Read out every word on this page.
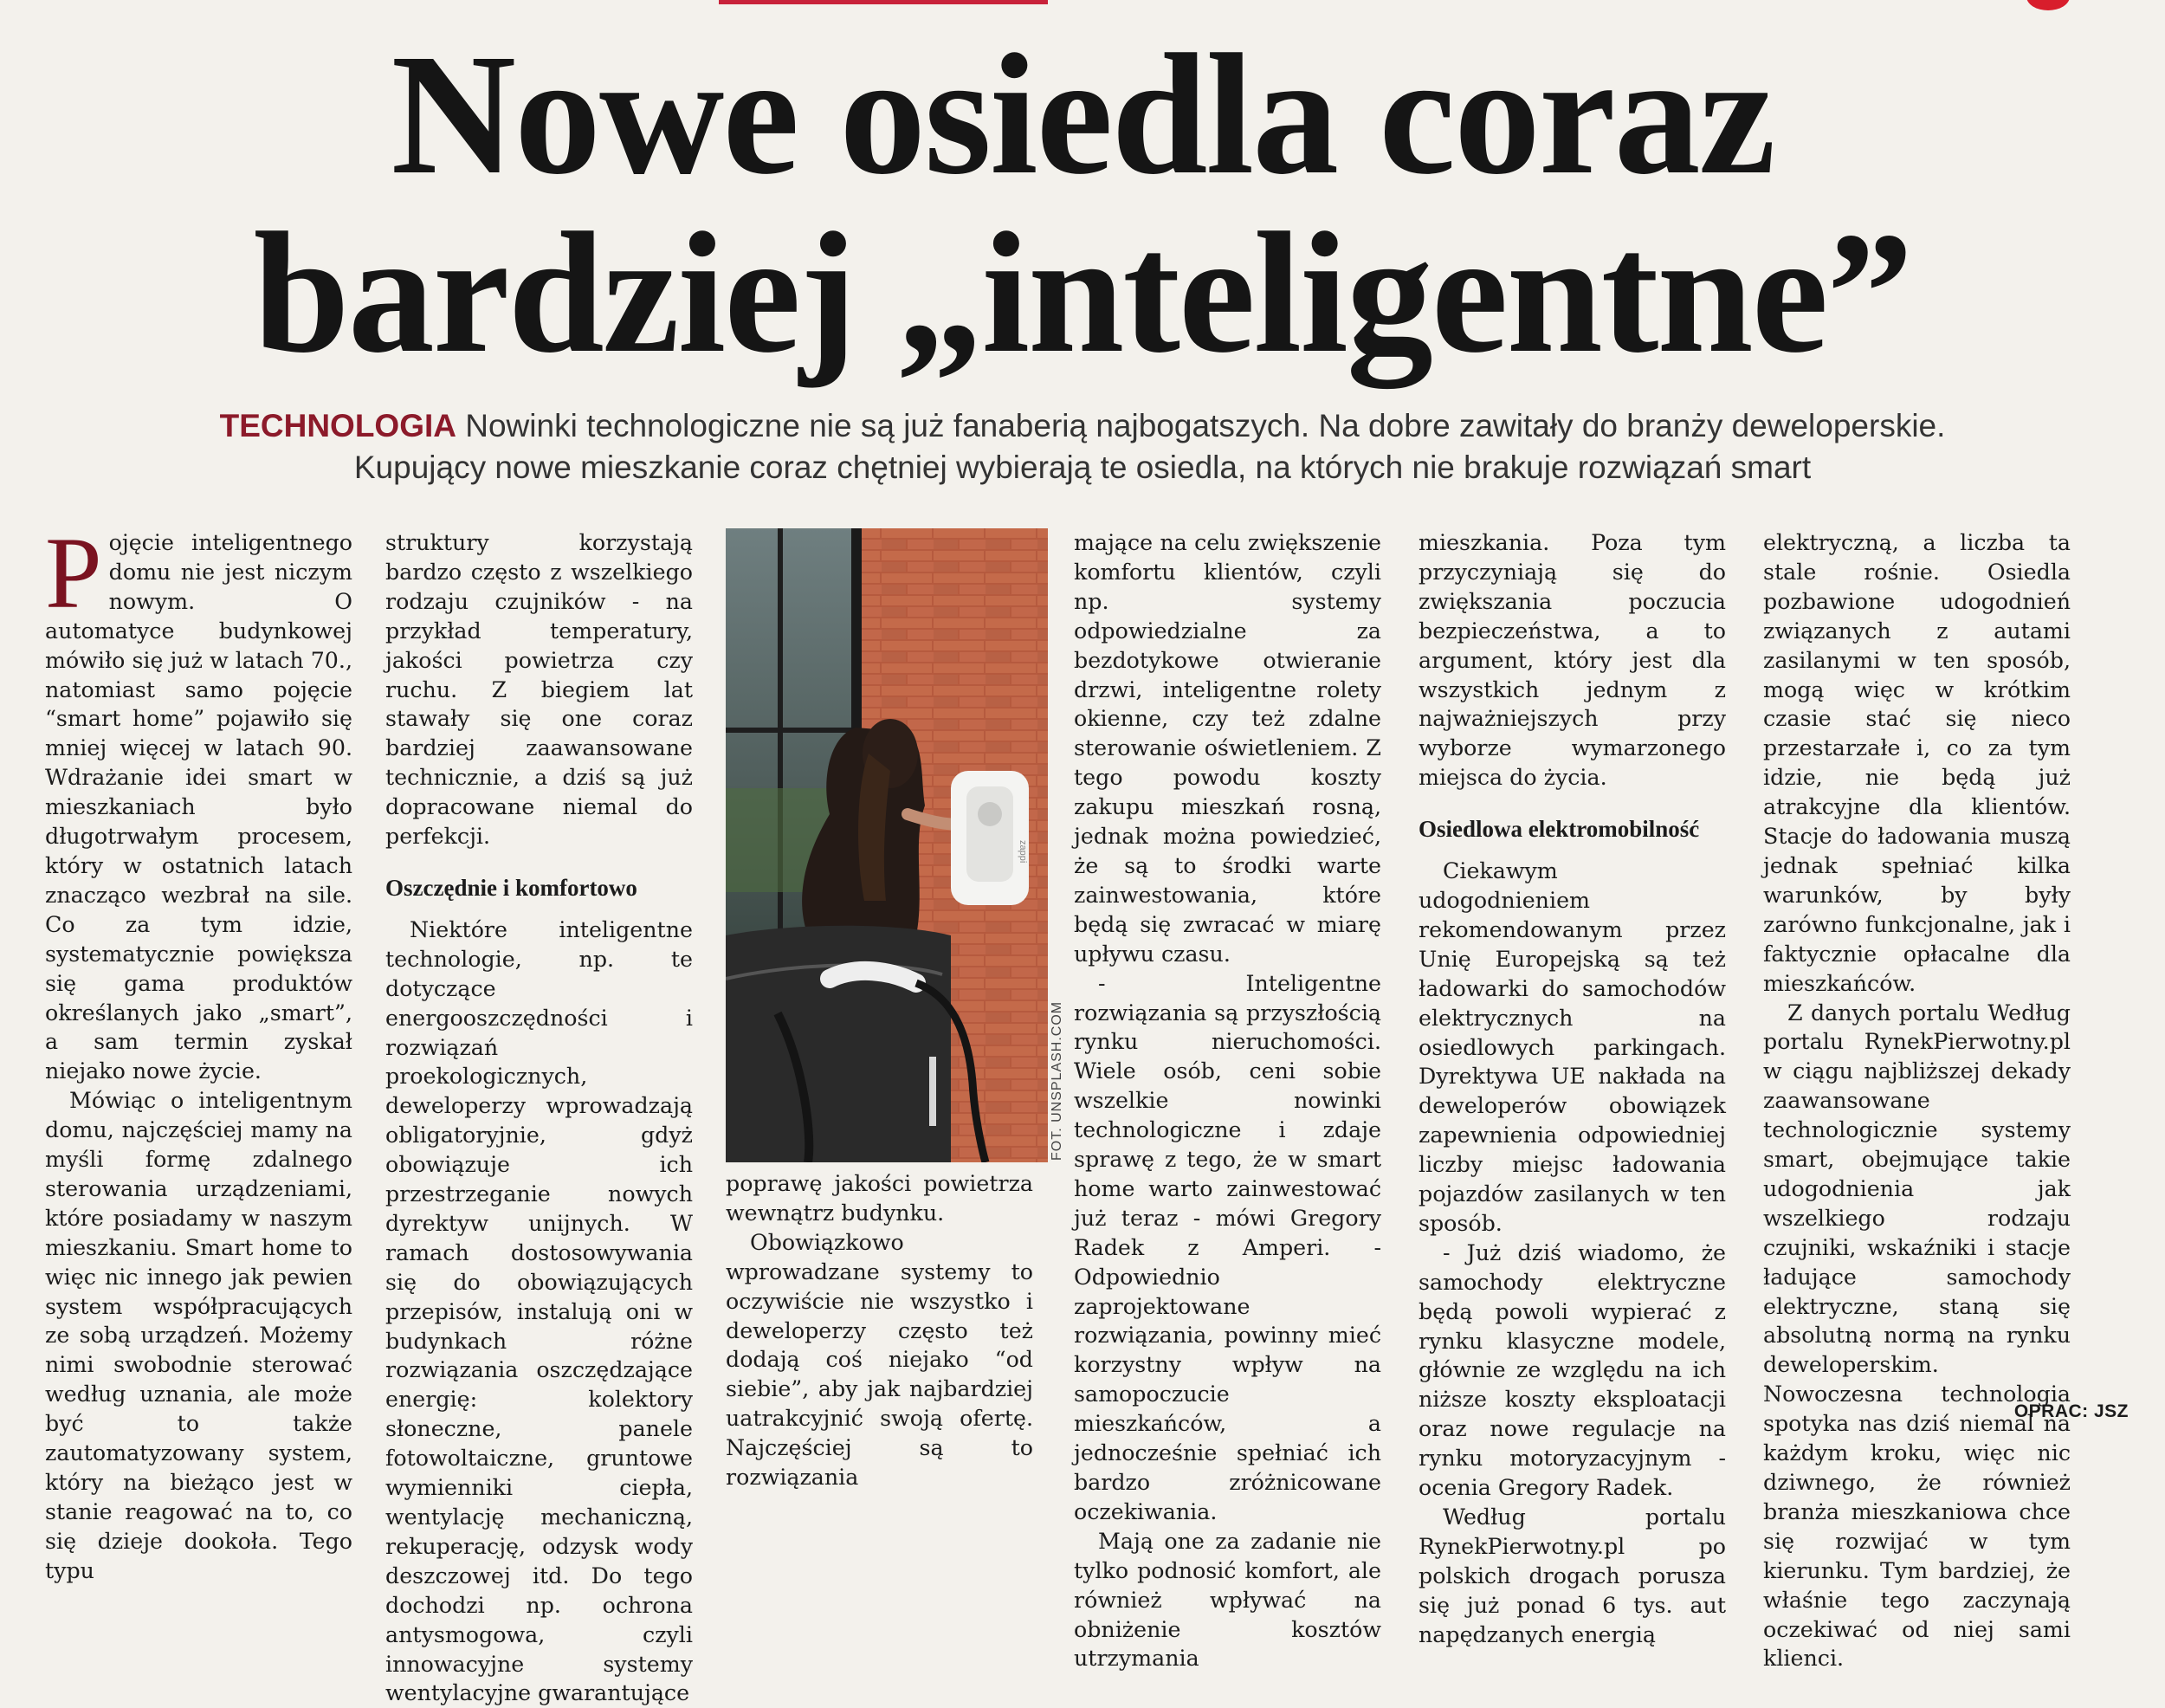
Nowe osiedla coraz
bardziej „inteligentne”
TECHNOLOGIA Nowinki technologiczne nie są już fanaberią najbogatszych. Na dobre zawitały do branży deweloperskie.
Kupujący nowe mieszkanie coraz chętniej wybierają te osiedla, na których nie brakuje rozwiązań smart

Pojęcie inteligentnego domu nie jest niczym nowym. O automatyce budynkowej mówiło się już w latach 70., natomiast samo pojęcie “smart home” pojawiło się mniej więcej w latach 90. Wdrażanie idei smart w mieszkaniach było długotrwałym procesem, który w ostatnich latach znacząco wezbrał na sile. Co za tym idzie, systematycznie powiększa się gama produktów określanych jako „smart”, a sam termin zyskał niejako nowe życie.

Mówiąc o inteligentnym domu, najczęściej mamy na myśli formę zdalnego sterowania urządzeniami, które posiadamy w naszym mieszkaniu. Smart home to więc nic innego jak pewien system współpracujących ze sobą urządzeń. Możemy nimi swobodnie sterować według uznania, ale może być to także zautomatyzowany system, który na bieżąco jest w stanie reagować na to, co się dzieje dookoła. Tego typu

struktury korzystają bardzo często z wszelkiego rodzaju czujników - na przykład temperatury, jakości powietrza czy ruchu. Z biegiem lat stawały się one coraz bardziej zaawansowane technicznie, a dziś są już dopracowane niemal do perfekcji.

Oszczędnie i komfortowo

Niektóre inteligentne technologie, np. te dotyczące energooszczędności i rozwiązań proekologicznych, deweloperzy wprowadzają obligatoryjnie, gdyż obowiązuje ich przestrzeganie nowych dyrektyw unijnych. W ramach dostosowywania się do obowiązujących przepisów, instalują oni w budynkach różne rozwiązania oszczędzające energię: kolektory słoneczne, panele fotowoltaiczne, gruntowe wymienniki ciepła, wentylację mechaniczną, rekuperację, odzysk wody deszczowej itd. Do tego dochodzi np. ochrona antysmogowa, czyli innowacyjne systemy wentylacyjne gwarantujące

zappi
FOT. UNSPLASH.COM

poprawę jakości powietrza wewnątrz budynku.

Obowiązkowo wprowadzane systemy to oczywiście nie wszystko i deweloperzy często też dodają coś niejako “od siebie”, aby jak najbardziej uatrakcyjnić swoją ofertę. Najczęściej są to rozwiązania

mające na celu zwiększenie komfortu klientów, czyli np. systemy odpowiedzialne za bezdotykowe otwieranie drzwi, inteligentne rolety okienne, czy też zdalne sterowanie oświetleniem. Z tego powodu koszty zakupu mieszkań rosną, jednak można powiedzieć, że są to środki warte zainwestowania, które będą się zwracać w miarę upływu czasu.

- Inteligentne rozwiązania są przyszłością rynku nieruchomości. Wiele osób, ceni sobie wszelkie nowinki technologiczne i zdaje sprawę z tego, że w smart home warto zainwestować już teraz - mówi Gregory Radek z Amperi. - Odpowiednio zaprojektowane rozwiązania, powinny mieć korzystny wpływ na samopoczucie mieszkańców, a jednocześnie spełniać ich bardzo zróżnicowane oczekiwania.

Mają one za zadanie nie tylko podnosić komfort, ale również wpływać na obniżenie kosztów utrzymania

mieszkania. Poza tym przyczyniają się do zwiększania poczucia bezpieczeństwa, a to argument, który jest dla wszystkich jednym z najważniejszych przy wyborze wymarzonego miejsca do życia.

Osiedlowa elektromobilność

Ciekawym udogodnieniem rekomendowanym przez Unię Europejską są też ładowarki do samochodów elektrycznych na osiedlowych parkingach. Dyrektywa UE nakłada na deweloperów obowiązek zapewnienia odpowiedniej liczby miejsc ładowania pojazdów zasilanych w ten sposób.

- Już dziś wiadomo, że samochody elektryczne będą powoli wypierać z rynku klasyczne modele, głównie ze względu na ich niższe koszty eksploatacji oraz nowe regulacje na rynku motoryzacyjnym - ocenia Gregory Radek.

Według portalu RynekPierwotny.pl po polskich drogach porusza się już ponad 6 tys. aut napędzanych energią

elektryczną, a liczba ta stale rośnie. Osiedla pozbawione udogodnień związanych z autami zasilanymi w ten sposób, mogą więc w krótkim czasie stać się nieco przestarzałe i, co za tym idzie, nie będą już atrakcyjne dla klientów. Stacje do ładowania muszą jednak spełniać kilka warunków, by były zarówno funkcjonalne, jak i faktycznie opłacalne dla mieszkańców.

Z danych portalu Według portalu RynekPierwotny.pl w ciągu najbliższej dekady zaawansowane technologicznie systemy smart, obejmujące takie udogodnienia jak wszelkiego rodzaju czujniki, wskaźniki i stacje ładujące samochody elektryczne, staną się absolutną normą na rynku deweloperskim. Nowoczesna technologia spotyka nas dziś niemal na każdym kroku, więc nic dziwnego, że również branża mieszkaniowa chce się rozwijać w tym kierunku. Tym bardziej, że właśnie tego zaczynają oczekiwać od niej sami klienci.

OPRAC: JSZ
